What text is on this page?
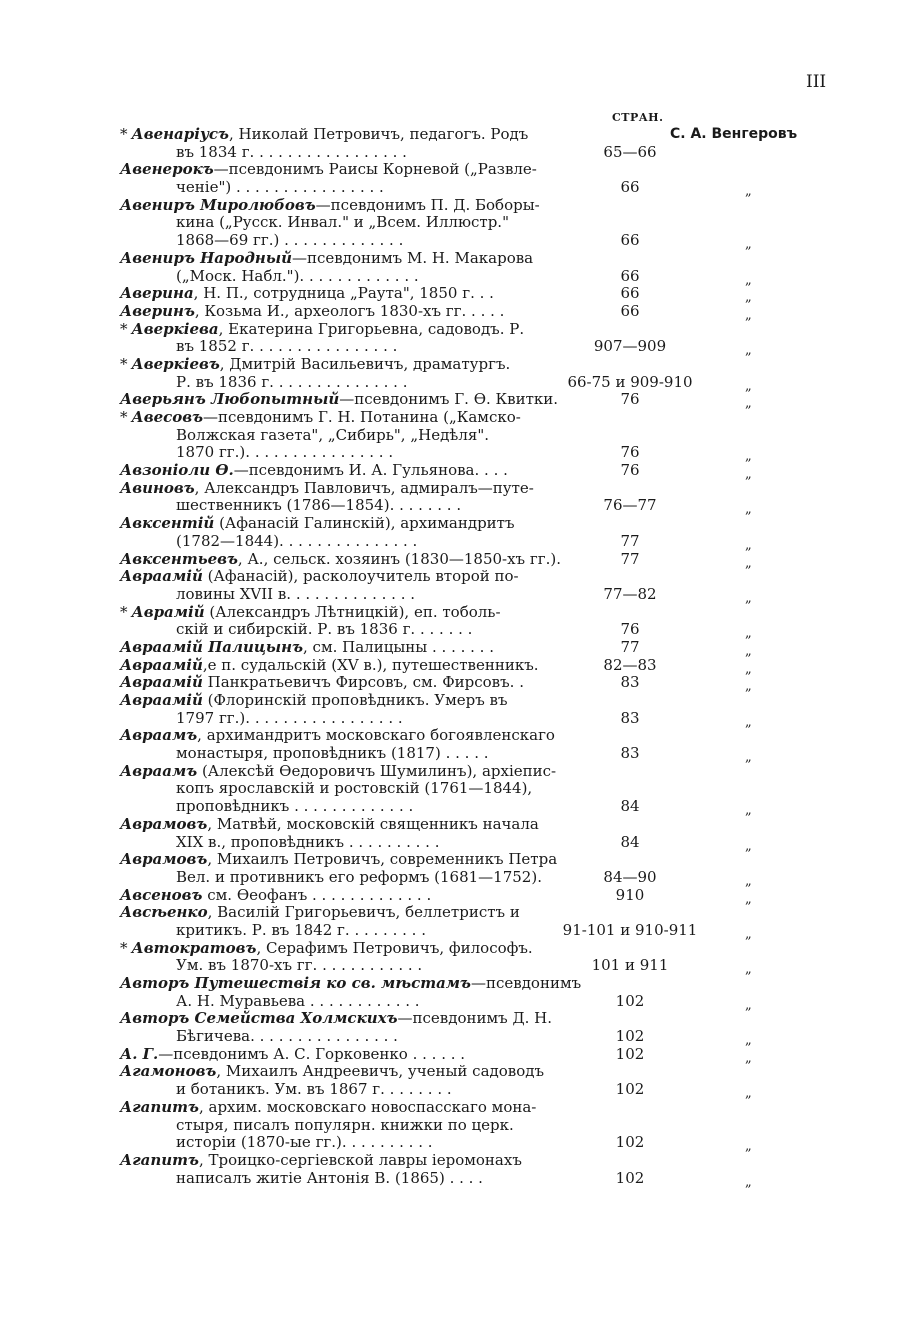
III
СТРАН.
* Авенаріусъ, Николай Петровичъ, педагогъ. Родъ	С. А. Венгеровъ
въ 1834 г. . . . . . . . . . . . . . . . .	65—66
Авенерокъ—псевдонимъ Раисы Корневой („Развле-
ченіе") . . . . . . . . . . . . . . . .	66	„
Авениръ Миролюбовъ—псевдонимъ П. Д. Боборы-
кина („Русск. Инвал." и „Всем. Иллюстр."
1868—69 гг.) . . . . . . . . . . . . .	66	„
Авениръ Народный—псевдонимъ М. Н. Макарова
(„Моск. Набл."). . . . . . . . . . . . .	66	„
Аверина, Н. П., сотрудница „Раута", 1850 г. . .	66	„
Аверинъ, Козьма И., археологъ 1830-хъ гг. . . . .	66	„
* Аверкіева, Екатерина Григорьевна, садоводъ. Р.
въ 1852 г. . . . . . . . . . . . . . . .	907—909	„
* Аверкіевъ, Дмитрій Васильевичъ, драматургъ.
Р. въ 1836 г. . . . . . . . . . . . . . .	66-75 и 909-910	„
Аверьянъ Любопытный—псевдонимъ Г. Ѳ. Квитки.	76	„
* Авесовъ—псевдонимъ Г. Н. Потанина („Камско-
Волжская газета", „Сибирь", „Недѣля".
1870 гг.). . . . . . . . . . . . . . . .	76	„
Авзоніоли Ѳ.—псевдонимъ И. А. Гульянова. . . .	76	„
Авиновъ, Александръ Павловичъ, адмиралъ—путе-
шественникъ (1786—1854). . . . . . . .	76—77	„
Авксентій (Афанасій Галинскій), архимандритъ
(1782—1844). . . . . . . . . . . . . . .	77	„
Авксентьевъ, А., сельск. хозяинъ (1830—1850-хъ гг.).	77	„
Авраамій (Афанасій), расколоучитель второй по-
ловины XVII в. . . . . . . . . . . . . .	77—82	„
* Аврамій (Александръ Лѣтницкій), еп. тоболь-
скій и сибирскій. Р. въ 1836 г. . . . . . .	76	„
Авраамій Палицынъ, см. Палицыны . . . . . . .	77	„
Авраамій,е п. судальскій (XV в.), путешественникъ.	82—83	„
Авраамій Панкратьевичъ Фирсовъ, см. Фирсовъ. .	83	„
Авраамій (Флоринскій проповѣдникъ. Умеръ въ
1797 гг.). . . . . . . . . . . . . . . . .	83	„
Авраамъ, архимандритъ московскаго богоявленскаго
монастыря, проповѣдникъ (1817) . . . . .	83	„
Авраамъ (Алексѣй Ѳедоровичъ Шумилинъ), архіепис-
копъ ярославскій и ростовскій (1761—1844),
проповѣдникъ . . . . . . . . . . . . .	84	„
Аврамовъ, Матвѣй, московскій священникъ начала
XIX в., проповѣдникъ . . . . . . . . . .	84	„
Аврамовъ, Михаилъ Петровичъ, современникъ Петра
Вел. и противникъ его реформъ (1681—1752).	84—90	„
Авсеновъ см. Ѳеофанъ . . . . . . . . . . . . .	910	„
Авсѣенко, Василій Григорьевичъ, беллетристъ и
критикъ. Р. въ 1842 г. . . . . . . . .	91-101 и 910-911	„
* Автократовъ, Серафимъ Петровичъ, философъ.
Ум. въ 1870-хъ гг. . . . . . . . . . . .	101 и 911	„
Авторъ Путешествія ко св. мѣстамъ—псевдонимъ
А. Н. Муравьева . . . . . . . . . . . .	102	„
Авторъ Семейства Холмскихъ—псевдонимъ Д. Н.
Бѣгичева. . . . . . . . . . . . . . . .	102	„
А. Г.—псевдонимъ А. С. Горковенко . . . . . .	102	„
Агамоновъ, Михаилъ Андреевичъ, ученый садоводъ
и ботаникъ. Ум. въ 1867 г. . . . . . . .	102	„
Агапитъ, архим. московскаго новоспасскаго мона-
стыря, писалъ популярн. книжки по церк.
исторіи (1870-ые гг.). . . . . . . . . .	102	„
Агапитъ, Троицко-сергіевской лавры іеромонахъ
написалъ житіе Антонія В. (1865) . . . .	102	„
